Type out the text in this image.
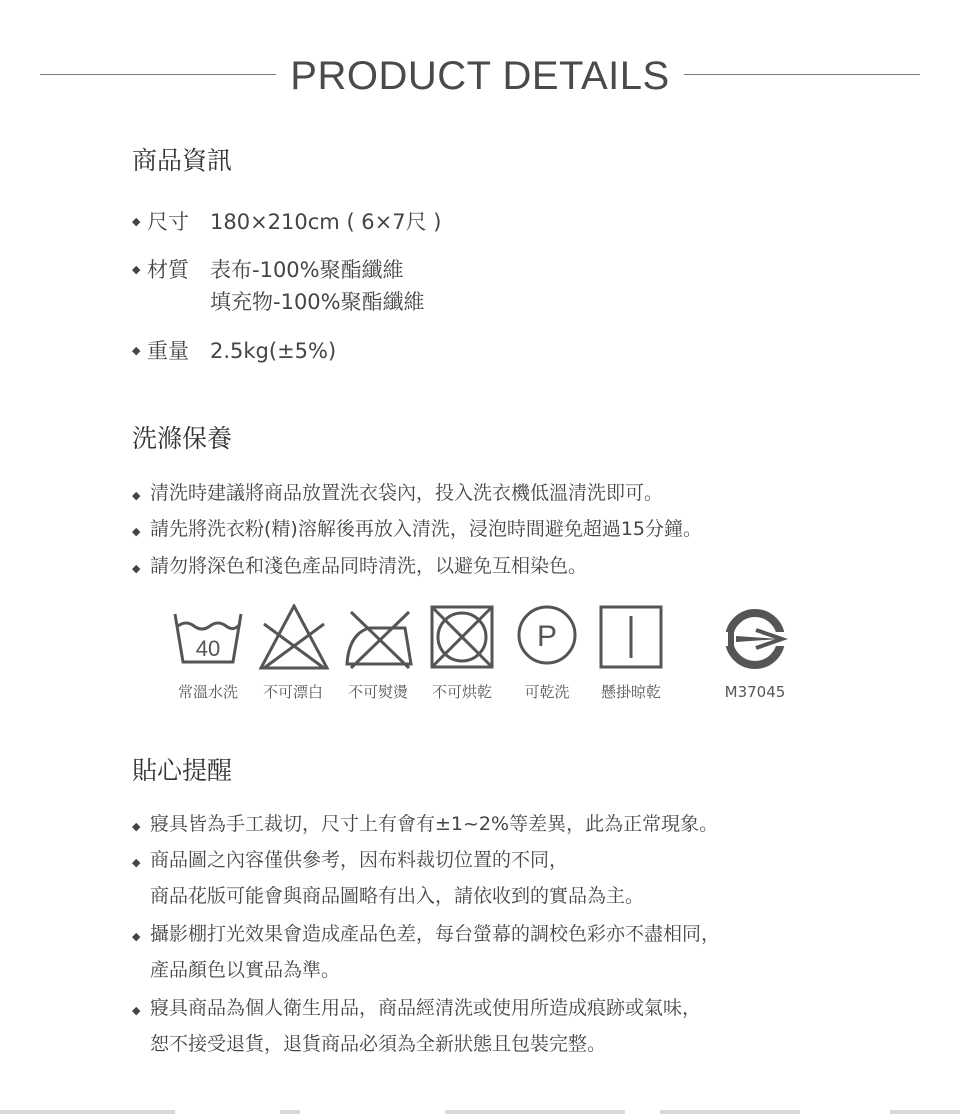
PRODUCT DETAILS
商品資訊
◆ 尺寸	180×210cm ( 6×7尺 )
◆ 材質	表布-100%聚酯纖維
填充物-100%聚酯纖維
◆ 重量	2.5kg(±5%)
洗滌保養
◆ 清洗時建議將商品放置洗衣袋內，投入洗衣機低溫清洗即可。
◆ 請先將洗衣粉(精)溶解後再放入清洗，浸泡時間避免超過15分鐘。
◆ 請勿將深色和淺色產品同時清洗，以避免互相染色。
40	P
常溫水洗	不可漂白	不可熨燙	不可烘乾	可乾洗	懸掛晾乾	M37045
貼心提醒
◆ 寢具皆為手工裁切，尺寸上有會有±1~2%等差異，此為正常現象。
◆ 商品圖之內容僅供參考，因布料裁切位置的不同，
商品花版可能會與商品圖略有出入，請依收到的實品為主。
◆ 攝影棚打光效果會造成產品色差，每台螢幕的調校色彩亦不盡相同，
產品顏色以實品為準。
◆ 寢具商品為個人衛生用品，商品經清洗或使用所造成痕跡或氣味，
恕不接受退貨，退貨商品必須為全新狀態且包裝完整。
